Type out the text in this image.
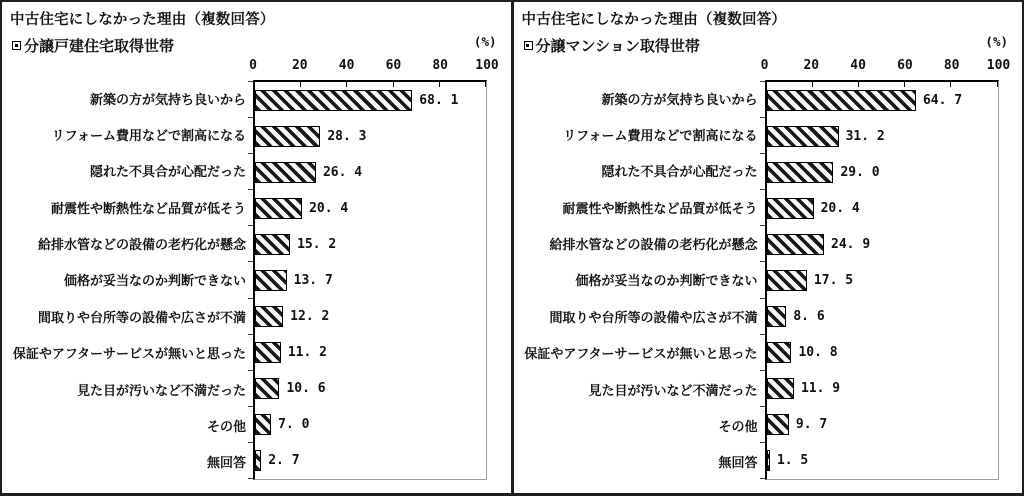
中古住宅にしなかった理由（複数回答）
分譲戸建住宅取得世帯	(%)
0	20 40 60 80 100
新築の方が気持ち良いから
リフォーム費用などで割高になる
隠れた不具合が心配だった
耐震性や断熱性など品質が低そう
給排水管などの設備の老朽化が懸念
価格が妥当なのか判断できない
間取りや台所等の設備や広さが不満
保証やアフターサービスが無いと思った
見た目が汚いなど不満だった
その他
無回答
68. 1
28. 3
26. 4
20. 4
15. 2
13. 7
12. 2
11. 2
10. 6
7. 0
2. 7
中古住宅にしなかった理由（複数回答）
分譲マンション取得世帯	(%)
0	20 40 60 80 100
新築の方が気持ち良いから
リフォーム費用などで割高になる
隠れた不具合が心配だった
耐震性や断熱性など品質が低そう
給排水管などの設備の老朽化が懸念
価格が妥当なのか判断できない
間取りや台所等の設備や広さが不満
保証やアフターサービスが無いと思った
見た目が汚いなど不満だった
その他
無回答
64. 7
31. 2
29. 0
20. 4
24. 9
17. 5
8. 6
10. 8
11. 9
9. 7
1. 5
